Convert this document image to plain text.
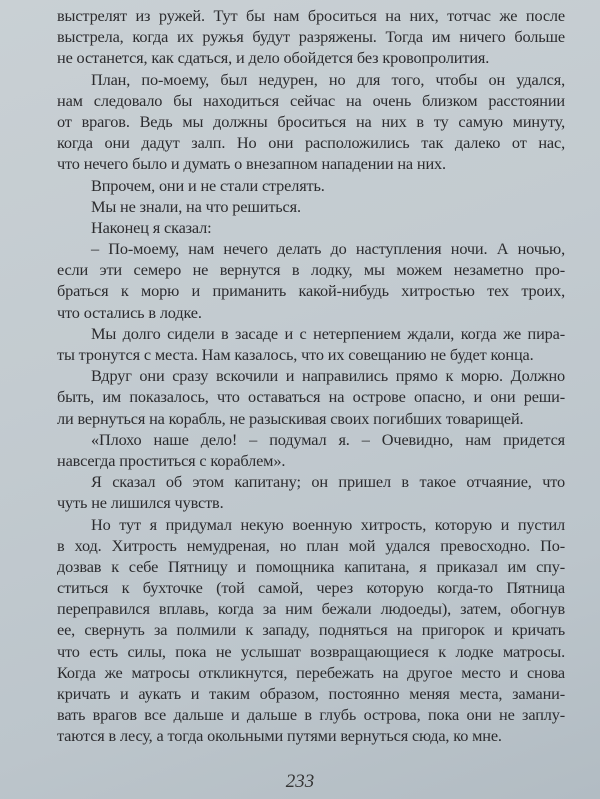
выстрелят из ружей. Тут бы нам броситься на них, тотчас же после
выстрела, когда их ружья будут разряжены. Тогда им ничего больше
не останется, как сдаться, и дело обойдется без кровопролития.
План, по-моему, был недурен, но для того, чтобы он удался,
нам следовало бы находиться сейчас на очень близком расстоянии
от врагов. Ведь мы должны броситься на них в ту самую минуту,
когда они дадут залп. Но они расположились так далеко от нас,
что нечего было и думать о внезапном нападении на них.
Впрочем, они и не стали стрелять.
Мы не знали, на что решиться.
Наконец я сказал:
– По-моему, нам нечего делать до наступления ночи. А ночью,
если эти семеро не вернутся в лодку, мы можем незаметно про-
браться к морю и приманить какой-нибудь хитростью тех троих,
что остались в лодке.
Мы долго сидели в засаде и с нетерпением ждали, когда же пира-
ты тронутся с места. Нам казалось, что их совещанию не будет конца.
Вдруг они сразу вскочили и направились прямо к морю. Должно
быть, им показалось, что оставаться на острове опасно, и они реши-
ли вернуться на корабль, не разыскивая своих погибших товарищей.
«Плохо наше дело! – подумал я. – Очевидно, нам придется
навсегда проститься с кораблем».
Я сказал об этом капитану; он пришел в такое отчаяние, что
чуть не лишился чувств.
Но тут я придумал некую военную хитрость, которую и пустил
в ход. Хитрость немудреная, но план мой удался превосходно. По-
дозвав к себе Пятницу и помощника капитана, я приказал им спу-
ститься к бухточке (той самой, через которую когда-то Пятница
переправился вплавь, когда за ним бежали людоеды), затем, обогнув
ее, свернуть за полмили к западу, подняться на пригорок и кричать
что есть силы, пока не услышат возвращающиеся к лодке матросы.
Когда же матросы откликнутся, перебежать на другое место и снова
кричать и аукать и таким образом, постоянно меняя места, замани-
вать врагов все дальше и дальше в глубь острова, пока они не заплу-
таются в лесу, а тогда окольными путями вернуться сюда, ко мне.
233
